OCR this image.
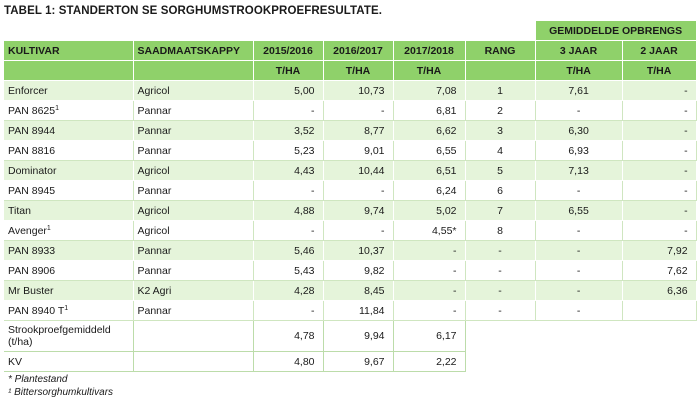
TABEL 1: STANDERTON SE SORGHUMSTROOKPROEFRESULTATE.
						GEMIDDELDE OPBRENGS	
KULTIVAR	SAADMAATSKAPPY	2015/2016	2016/2017	2017/2018	RANG	3 JAAR	2 JAAR
		T/HA	T/HA	T/HA		T/HA	T/HA
Enforcer	Agricol	5,00	10,73	7,08	1	7,61	-
PAN 8625$^1$	Pannar	-	-	6,81	2	-	-
PAN 8944	Pannar	3,52	8,77	6,62	3	6,30	-
PAN 8816	Pannar	5,23	9,01	6,55	4	6,93	-
Dominator	Agricol	4,43	10,44	6,51	5	7,13	-
PAN 8945	Pannar	-	-	6,24	6	-	-
Titan	Agricol	4,88	9,74	5,02	7	6,55	-
Avenger$^1$	Agricol	-	-	4,55*	8	-	-
PAN 8933	Pannar	5,46	10,37	-	-	-	7,92
PAN 8906	Pannar	5,43	9,82	-	-	-	7,62
Mr Buster	K2 Agri	4,28	8,45	-	-	-	6,36
PAN 8940 $T^1$	Pannar	-	11,84	-	-	-	
Strookproefgemiddeld (t/ha)		4,78	9,94	6,17			
KV		4,80	9,67	2,22			
* Plantestand
¹ Bittersorghumkultivars
